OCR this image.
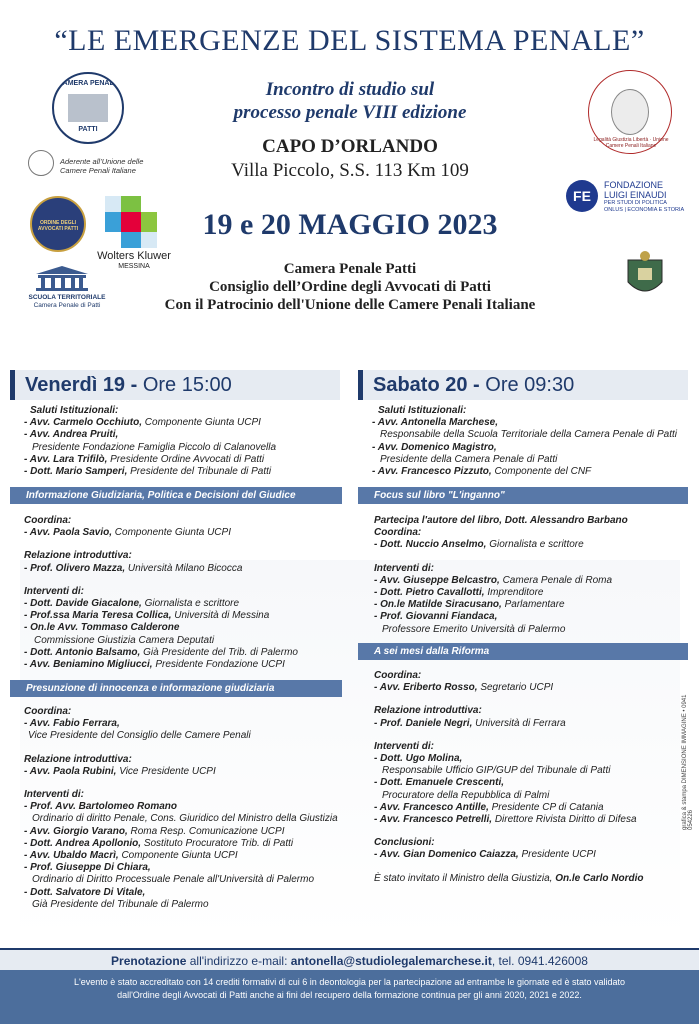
“LE EMERGENZE DEL SISTEMA PENALE”
Incontro di studio sul
processo penale VIII edizione
CAPO D’ORLANDO
Villa Piccolo, S.S. 113 Km 109
19 e 20 MAGGIO 2023
Camera Penale Patti
Consiglio dell’Ordine degli Avvocati di Patti
Con il Patrocinio dell'Unione delle Camere Penali Italiane
CAMERA PENALE
PATTI
Aderente all’Unione delle Camere Penali Italiane
ORDINE DEGLI AVVOCATI PATTI
Wolters Kluwer
MESSINA
SCUOLA TERRITORIALE
Camera Penale di Patti
Legalità Giustizia Libertà · Unione Camere Penali Italiane
FE
FONDAZIONE
LUIGI EINAUDI
PER STUDI DI POLITICA
ONLUS | ECONOMIA E STORIA
Venerdì 19 - Ore 15:00	Sabato 20 - Ore 09:30
Saluti Istituzionali:
- Avv. Carmelo Occhiuto, Componente Giunta UCPI
- Avv. Andrea Pruiti,
Presidente Fondazione Famiglia Piccolo di Calanovella
- Avv. Lara Trifilò, Presidente Ordine Avvocati di Patti
- Dott. Mario Samperi, Presidente del Tribunale di Patti
Informazione Giudiziaria, Politica e Decisioni del Giudice
Coordina:
- Avv. Paola Savio, Componente Giunta UCPI
Relazione introduttiva:
- Prof. Olivero Mazza, Università Milano Bicocca
Interventi di:
- Dott. Davide Giacalone, Giornalista e scrittore
- Prof.ssa Maria Teresa Collica, Università di Messina
- On.le Avv. Tommaso Calderone
Commissione Giustizia Camera Deputati
- Dott. Antonio Balsamo, Già Presidente del Trib. di Palermo
- Avv. Beniamino Migliucci, Presidente Fondazione UCPI
Presunzione di innocenza e informazione giudiziaria
Coordina:
- Avv. Fabio Ferrara,
Vice Presidente del Consiglio delle Camere Penali
Relazione introduttiva:
- Avv. Paola Rubini, Vice Presidente UCPI
Interventi di:
- Prof. Avv. Bartolomeo Romano
Ordinario di diritto Penale, Cons. Giuridico del Ministro della Giustizia
- Avv. Giorgio Varano, Roma Resp. Comunicazione UCPI
- Dott. Andrea Apollonio, Sostituto Procuratore Trib. di Patti
- Avv. Ubaldo Macrì, Componente Giunta UCPI
- Prof. Giuseppe Di Chiara,
Ordinario di Diritto Processuale Penale all'Università di Palermo
- Dott. Salvatore Di Vitale,
Già Presidente del Tribunale di Palermo
Saluti Istituzionali:
- Avv. Antonella Marchese,
Responsabile della Scuola Territoriale della Camera Penale di Patti
- Avv. Domenico Magistro,
Presidente della Camera Penale di Patti
- Avv. Francesco Pizzuto, Componente del CNF
Focus sul libro "L'inganno"
Partecipa l'autore del libro, Dott. Alessandro Barbano
Coordina:
- Dott. Nuccio Anselmo, Giornalista e scrittore
Interventi di:
- Avv. Giuseppe Belcastro, Camera Penale di Roma
- Dott. Pietro Cavallotti, Imprenditore
- On.le Matilde Siracusano, Parlamentare
- Prof. Giovanni Fiandaca,
Professore Emerito Università di Palermo
A sei mesi dalla Riforma
Coordina:
- Avv. Eriberto Rosso, Segretario UCPI
Relazione introduttiva:
- Prof. Daniele Negri, Università di Ferrara
Interventi di:
- Dott. Ugo Molina,
Responsabile Ufficio GIP/GUP del Tribunale di Patti
- Dott. Emanuele Crescenti,
Procuratore della Repubblica di Palmi
- Avv. Francesco Antille, Presidente CP di Catania
- Avv. Francesco Petrelli, Direttore Rivista Diritto di Difesa
Conclusioni:
- Avv. Gian Domenico Caiazza, Presidente UCPI
È stato invitato il Ministro della Giustizia, On.le Carlo Nordio
grafica & stampa DIMENSIONE IMMAGINE • 0941 054226
Prenotazione all'indirizzo e-mail: antonella@studiolegalemarchese.it, tel. 0941.426008
L'evento è stato accreditato con 14 crediti formativi di cui 6 in deontologia per la partecipazione ad entrambe le giornate ed è stato validato
dall'Ordine degli Avvocati di Patti anche ai fini del recupero della formazione continua per gli anni 2020, 2021 e 2022.
